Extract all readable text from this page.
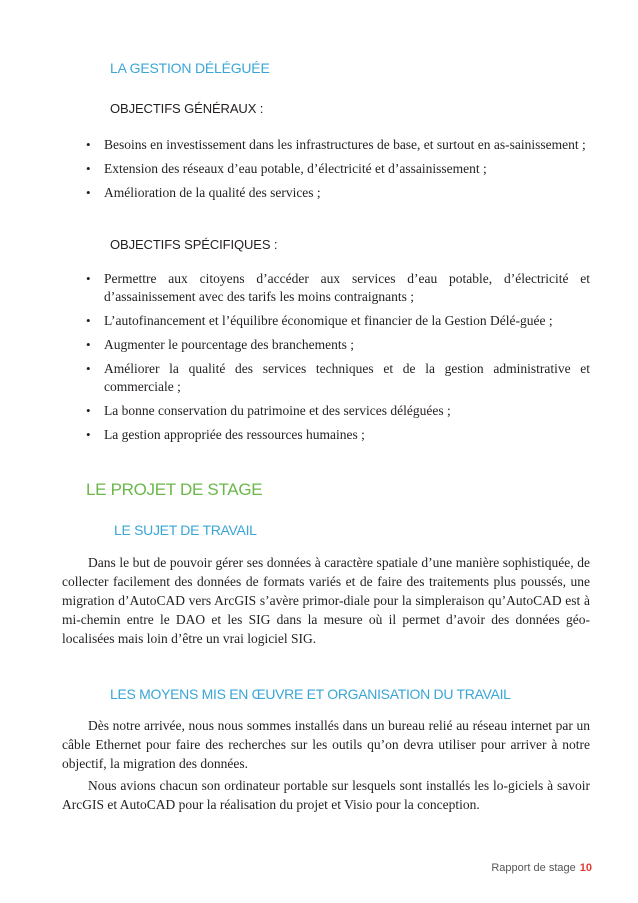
LA GESTION DÉLÉGUÉE
OBJECTIFS GÉNÉRAUX :
• Besoins en investissement dans les infrastructures de base, et surtout en as-sainissement ;
• Extension des réseaux d’eau potable, d’électricité et d’assainissement ;
• Amélioration de la qualité des services ;
OBJECTIFS SPÉCIFIQUES :
• Permettre aux citoyens d’accéder aux services d’eau potable, d’électricité et d’assainissement avec des tarifs les moins contraignants ;
• L’autofinancement et l’équilibre économique et financier de la Gestion Délé-guée ;
• Augmenter le pourcentage des branchements ;
• Améliorer la qualité des services techniques et de la gestion administrative et commerciale ;
• La bonne conservation du patrimoine et des services déléguées ;
• La gestion appropriée des ressources humaines ;
LE PROJET DE STAGE
LE SUJET DE TRAVAIL

Dans le but de pouvoir gérer ses données à caractère spatiale d’une manière sophistiquée, de collecter facilement des données de formats variés et de faire des traitements plus poussés, une migration d’AutoCAD vers ArcGIS s’avère primor-diale pour la simpleraison qu’AutoCAD est à mi-chemin entre le DAO et les SIG dans la mesure où il permet d’avoir des données géo-localisées mais loin d’être un vrai logiciel SIG.

LES MOYENS MIS EN ŒUVRE ET ORGANISATION DU TRAVAIL

Dès notre arrivée, nous nous sommes installés dans un bureau relié au réseau internet par un câble Ethernet pour faire des recherches sur les outils qu’on devra utiliser pour arriver à notre objectif, la migration des données.

Nous avions chacun son ordinateur portable sur lesquels sont installés les lo-giciels à savoir ArcGIS et AutoCAD pour la réalisation du projet et Visio pour la conception.

Rapport de stage 10
